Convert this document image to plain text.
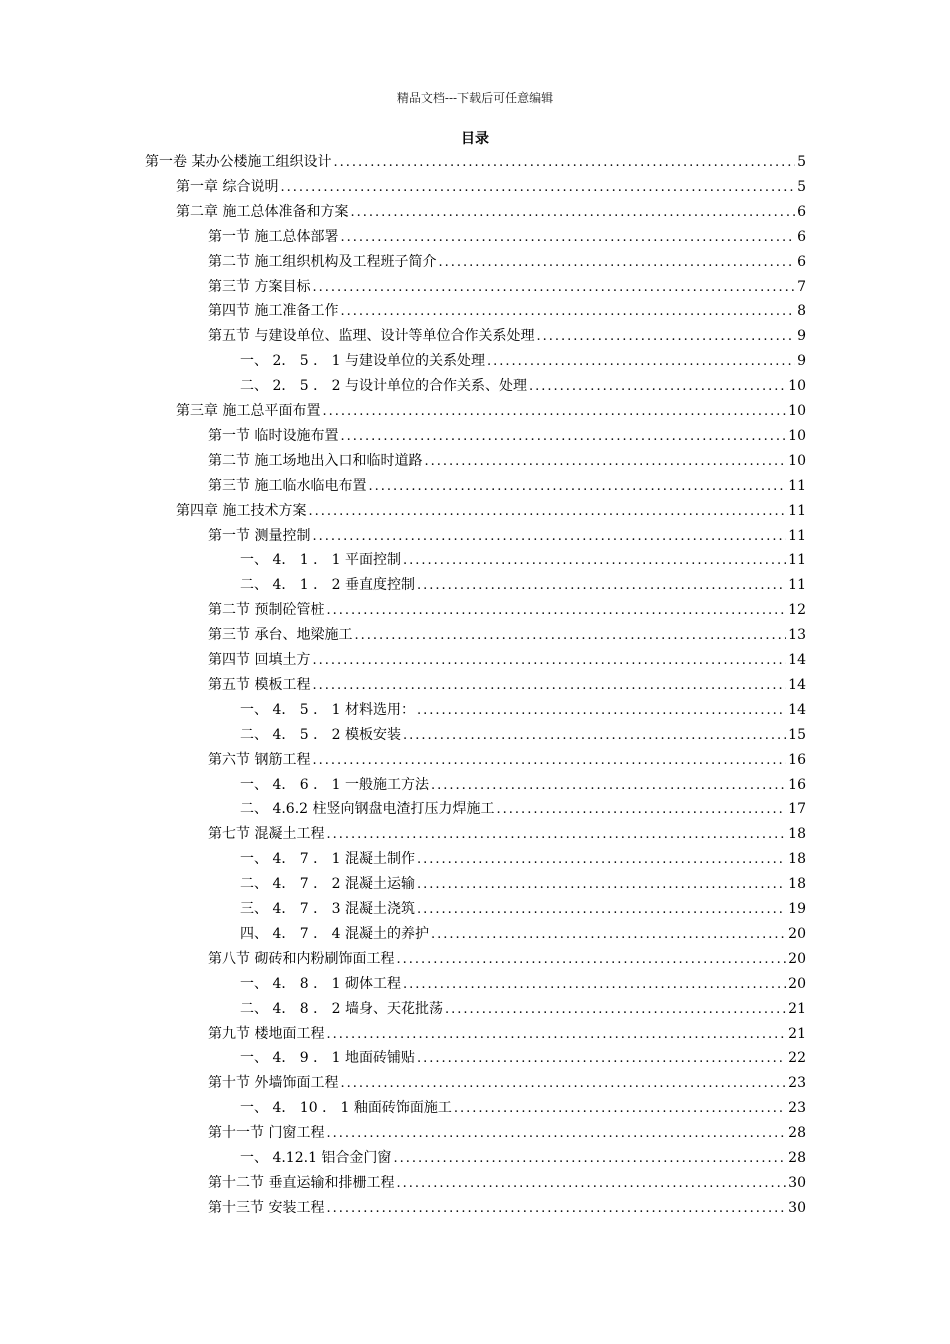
精品文档---下载后可任意编辑
目录
第一卷 某办公楼施工组织设计 .....	5
第一章 综合说明 .....	5
第二章 施工总体准备和方案 .....	6
第一节 施工总体部署 .....	6
第二节 施工组织机构及工程班子简介 .....	6
第三节 方案目标 .....	7
第四节 施工准备工作 .....	8
第五节 与建设单位、监理、设计等单位合作关系处理 .....	9
一、 2． 5 ． 1 与建设单位的关系处理 .....	9
二、 2． 5 ． 2 与设计单位的合作关系、处理 .....	10
第三章 施工总平面布置 .....	10
第一节 临时设施布置 .....	10
第二节 施工场地出入口和临时道路 .....	10
第三节 施工临水临电布置 .....	11
第四章 施工技术方案 .....	11
第一节 测量控制 .....	11
一、 4． 1 ． 1 平面控制 .....	11
二、 4． 1 ． 2 垂直度控制 .....	11
第二节 预制砼管桩 .....	12
第三节 承台、地梁施工 .....	13
第四节 回填土方 .....	14
第五节 模板工程 .....	14
一、 4． 5 ． 1 材料选用： .....	14
二、 4． 5 ． 2 模板安装 .....	15
第六节 钢筋工程 .....	16
一、 4． 6 ． 1 一般施工方法 .....	16
二、 4.6.2 柱竖向钢盘电渣打压力焊施工 .....	17
第七节 混凝土工程 .....	18
一、 4． 7 ． 1 混凝土制作 .....	18
二、 4． 7 ． 2 混凝土运输 .....	18
三、 4． 7 ． 3 混凝土浇筑 .....	19
四、 4． 7 ． 4 混凝土的养护 .....	20
第八节 砌砖和内粉刷饰面工程 .....	20
一、 4． 8 ． 1 砌体工程 .....	20
二、 4． 8 ． 2 墙身、天花批荡 .....	21
第九节 楼地面工程 .....	21
一、 4． 9 ． 1 地面砖铺贴 .....	22
第十节 外墙饰面工程 .....	23
一、 4． 10 ． 1 釉面砖饰面施工 .....	23
第十一节 门窗工程 .....	28
一、 4.12.1 铝合金门窗 .....	28
第十二节 垂直运输和排栅工程 .....	30
第十三节 安装工程 .....	30
